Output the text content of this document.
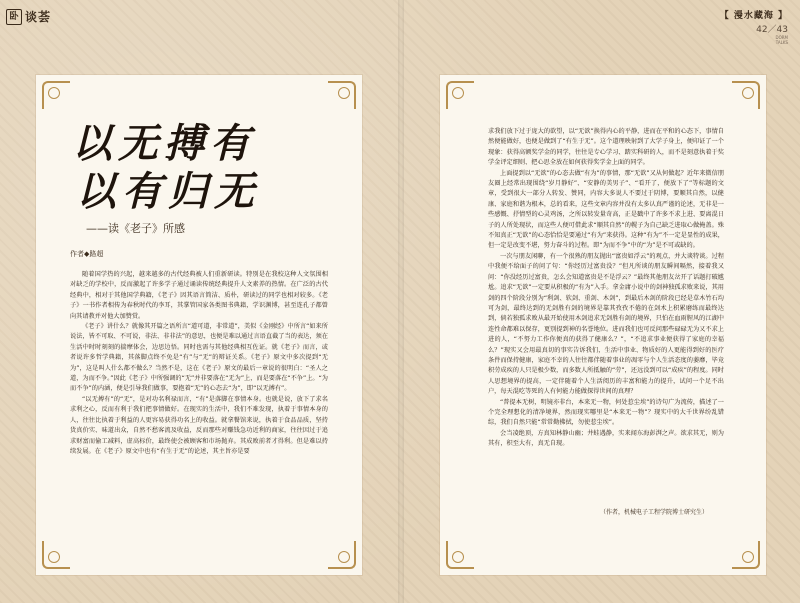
卧 谈荟	【 漫水藏海 】
42／43
DORM
TALKS
以无搏有
以有归无
——读《老子》所感
作者◆路超

随着国学热的兴起，越来越多的古代经典被人们重新研读。特别是在我校这种人文氛围相对缺乏的学校中，反而激起了许多学子通过诵读传统经典提升人文素养的热情。在广泛的古代经典中，相对于其他国学典籍，《老子》因其语言简洁、质朴，研读过的同学也相对较多。《老子》一书作者相传为春秋时代的李耳，其掌管国家各类图书典籍，学识渊博，甚至连孔子都曾向其请教并对他大加赞赏。

《老子》讲什么？就像其开篇之语所言“道可道，非常道”，美似《金刚经》中所言“如来所说法，皆不可取、不可说，非法、非非法”的意思，也便是难以通过言语直截了当的表达，须在生活中时时刻刻的揣摩体会，边思边悟。同时也需与其他经典相互佐证。就《老子》而言，或者说许多哲学典籍，其落脚点终不免是“有”与“无”的辩证关系。《老子》原文中多次提到“无为”，这是叫人什么都不做么？当然不是，这在《老子》原文的最后一章说的很明白：“圣人之道，为而不争。”因此《老子》中所强调的“无”并非要落在“无为”上，而是要落在“不争”上。“为而不争”的内涵，便是引导我们做事，要抱着“无”的心态去“为”，即“以无搏有”。

“以无搏有”的“无”，是对功名利禄而言，“有”是落脚在事情本身。也就是说，放下了求名求利之心，反而有利于我们把事情做好。在现实的生活中，我们不难发现，执着于事情本身的人，往往比执着于利益的人更容易获得功名上的收益。就拿餐馆来说，执着于食品品质，坚持货真价实、味道出众，自然不愁客流及收益，反而那些对赚钱急功近利的商家，往往因过于追求财富而偷工减料，虚高标价，最终使会被顾客和市场抛弃。其成败前者才得利。但是难以持续发展。在《老子》原文中也有“有生于无”的论述，其主旨亦是要

求我们放下过于庞大的欲望，以“无欲”换得内心的平静，进而在平和的心态下，事情自然便能做好，也便是做到了“有生于无”。这个道理映射到了大学子身上，便印证了一个现象：获得高额奖学金的同学，往往是专心学习、踏实科研的人，而不是刻意执着于奖学金评定细则、把心思全放在如何获得奖学金上面的同学。

上面提到以“无欲”的心态去做“有为”的事情，那“无欲”又从何做起？近年来微信朋友圈上经常出现围绕“岁月静好”、“安静的美男子”、“看开了，便放下了”等标题的文章，受到很大一部分人转发、赞同，内容大多说人不要过于阴博，要顺其自然，以健康、家庭和谐为根本，总的看来，这些文章内容并没有太多认真严谨的论述，无非是一些感慨、抒情型的心灵鸡汤，之所以转发量奇高，正是戳中了许多不求上进、要离混日子的人所处现状，而这些人便可借此求“顺其自然”的幌子为自己缺乏进取心做掩盖。殊不知真正“无欲”的心态恰恰是要通过“有为”来获得。这种“有为”不一定是显性的成果，但一定是改变不堪，努力奋斗的过程。即“为而不争”中的“为”是不可或缺的。

一次与朋友闲聊，有一个很熟的朋友抛出“富贵如浮云”的观点，并大谈特谈。过程中我便不给面子的问了句：“你经历过富贵没？”但凡所谈的朋友瞬间嗝然，接着我又问：“你没经历过富贵，怎么会知道富贵是不是浮云？”最终其他朋友岔开了话题打破尴尬。追求“无欲”一定要从积极的“有为”入手。拿金庸小说中的剑神独孤求败来说，其用剑的四个阶段分别为“利剑、软剑、重剑、木剑”，到最后木剑的阶段已经是草木竹石均可为剑，最终达到的无剑胜有剑的境界是靠其孜孜不倦的在剑术上积累磨练而最终达到，倘若独孤求败从最开始使用木剑追求无剑胜有剑的境界，只怕在血雨腥风的江湖中连性命都难以保存，更别提到神的名誉地位。进而我们也可反问那些碌碌无为又不求上进的人，“不努力工作你便真的获得了健康么？”，“不追求事业便获得了家庭的幸福么？”现实又会用最真切的事实告诉我们，生活中事业、物质好的人更能得到好的医疗条件而保持健康，家庭不幸的人往往都伴随着事业的凋零与个人生活态度的萎靡，毕竟积劳成疾的人只是极少数，而多数人所抵触的“劳”，还远没到可以“成疾”的程度。同时人思想境界的提高，一定伴随着个人生活阅历的丰富和能力的提升，试问一个足不出户，每天混吃等死的人有何能力能做探得世间的真理？

“普提本无树，明镜亦非台，本来无一物，何处惹尘埃”的诗句广为流传，描述了一个完全理想化的清净境界，然而现实哪里是“本来无一物”？现实中的大千世界纷乱错综，我们自然只能“常常勤拂拭，勿使惹尘埃”。

会当凌绝顶，方真知林静山幽；井蛙遇静，实来闻东海彭湃之声。欲求其无，则为其有，积至大有，真无自现。

（作者，机械电子工程学院博士研究生）
